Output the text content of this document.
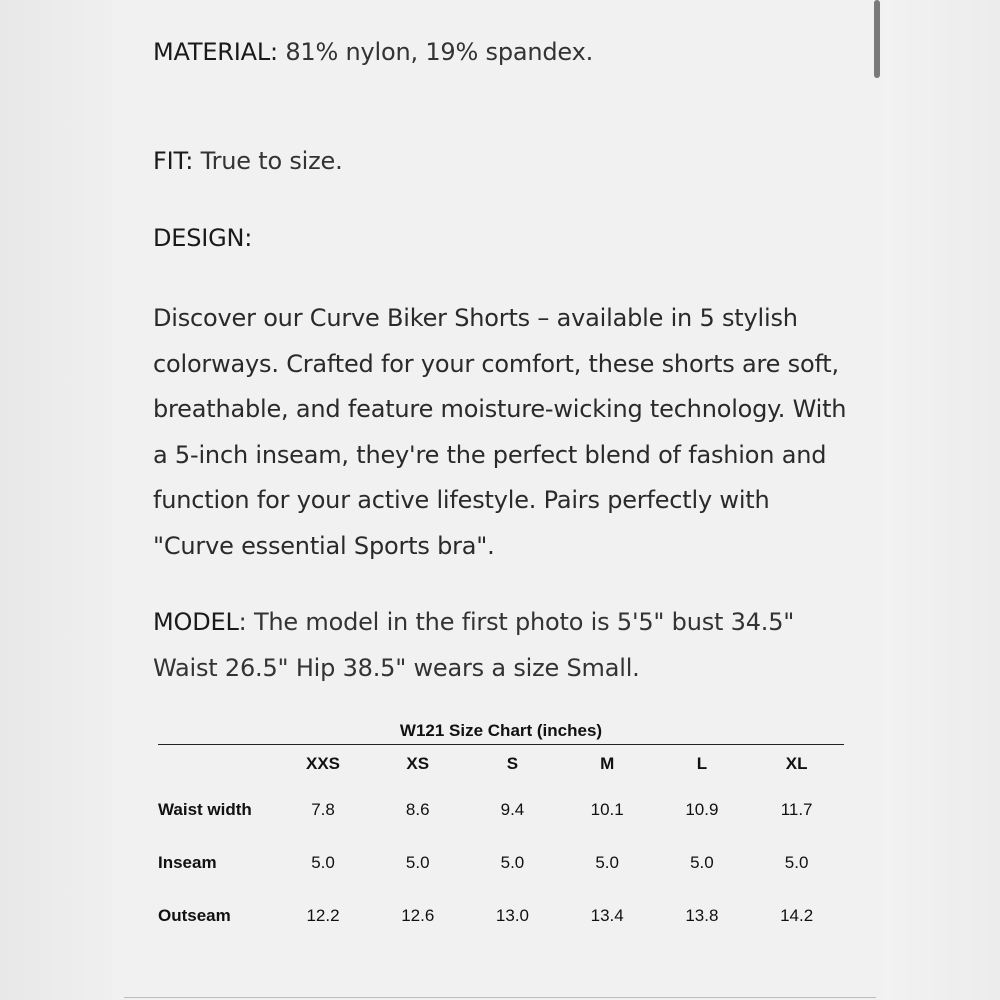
MATERIAL: 81% nylon, 19% spandex.
FIT: True to size.
DESIGN:
Discover our Curve Biker Shorts – available in 5 stylish colorways. Crafted for your comfort, these shorts are soft, breathable, and feature moisture-wicking technology. With a 5-inch inseam, they're the perfect blend of fashion and function for your active lifestyle. Pairs perfectly with "Curve essential Sports bra".
MODEL: The model in the first photo is 5'5" bust 34.5" Waist 26.5" Hip 38.5" wears a size Small.
W121 Size Chart (inches)
XXS	XS	S	M	L	XL
Waist width	7.8	8.6	9.4	10.1	10.9	11.7
Inseam	5.0	5.0	5.0	5.0	5.0	5.0
Outseam	12.2	12.6	13.0	13.4	13.8	14.2
